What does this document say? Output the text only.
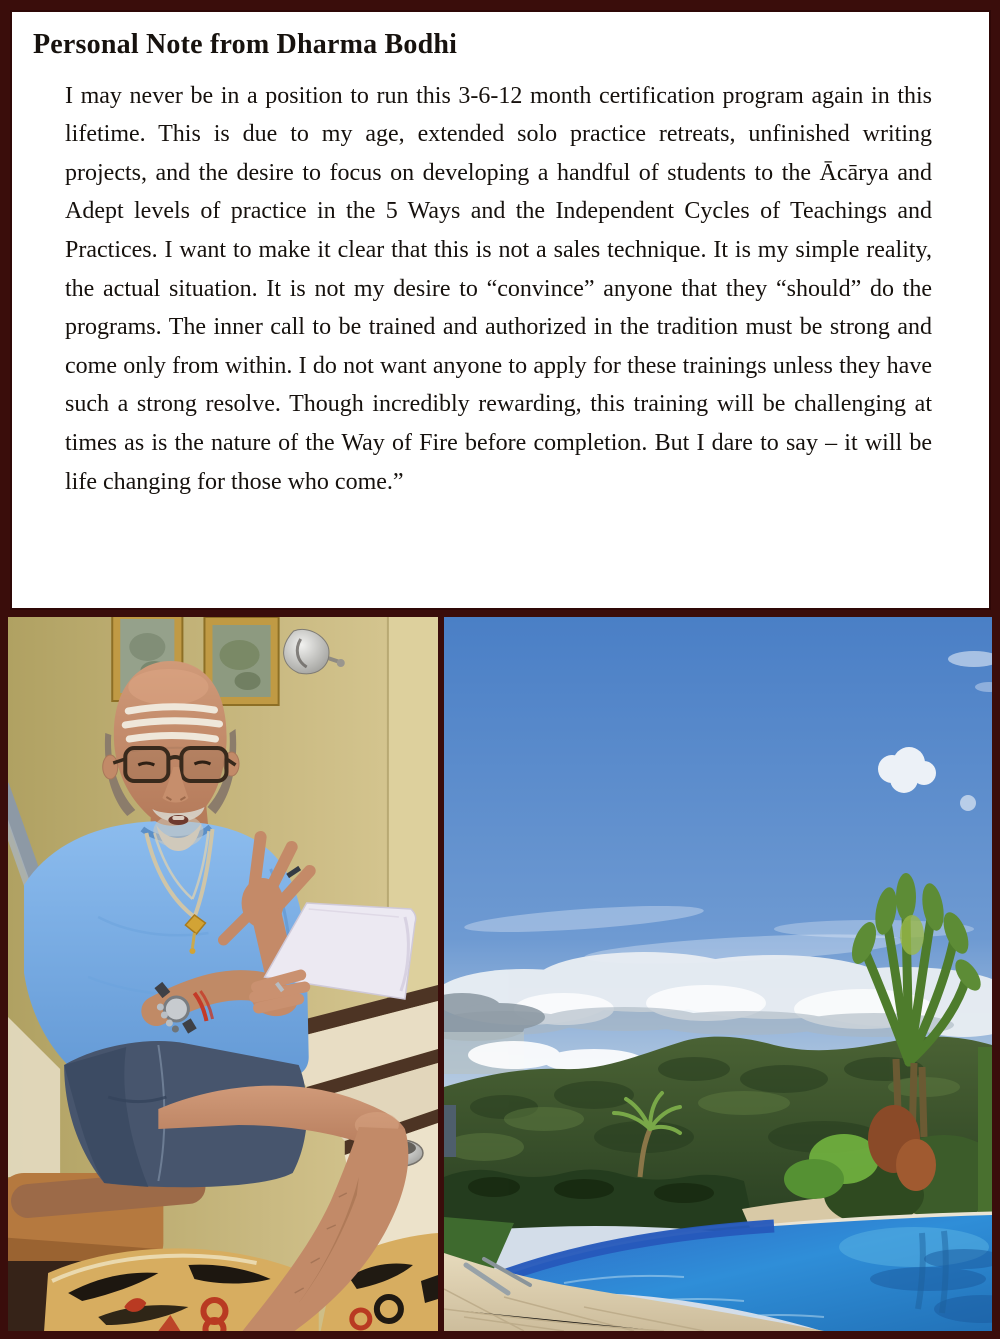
Personal Note from Dharma Bodhi

I may never be in a position to run this 3-6-12 month certification program again in this lifetime. This is due to my age, extended solo practice retreats, unfinished writing projects, and the desire to focus on developing a handful of students to the Ācārya and Adept levels of practice in the 5 Ways and the Independent Cycles of Teachings and Practices. I want to make it clear that this is not a sales technique. It is my simple reality, the actual situation. It is not my desire to “convince” anyone that they “should” do the programs. The inner call to be trained and authorized in the tradition must be strong and come only from within. I do not want anyone to apply for these trainings unless they have such a strong resolve. Though incredibly rewarding, this training will be challenging at times as is the nature of the Way of Fire before completion. But I dare to say – it will be life changing for those who come.”
